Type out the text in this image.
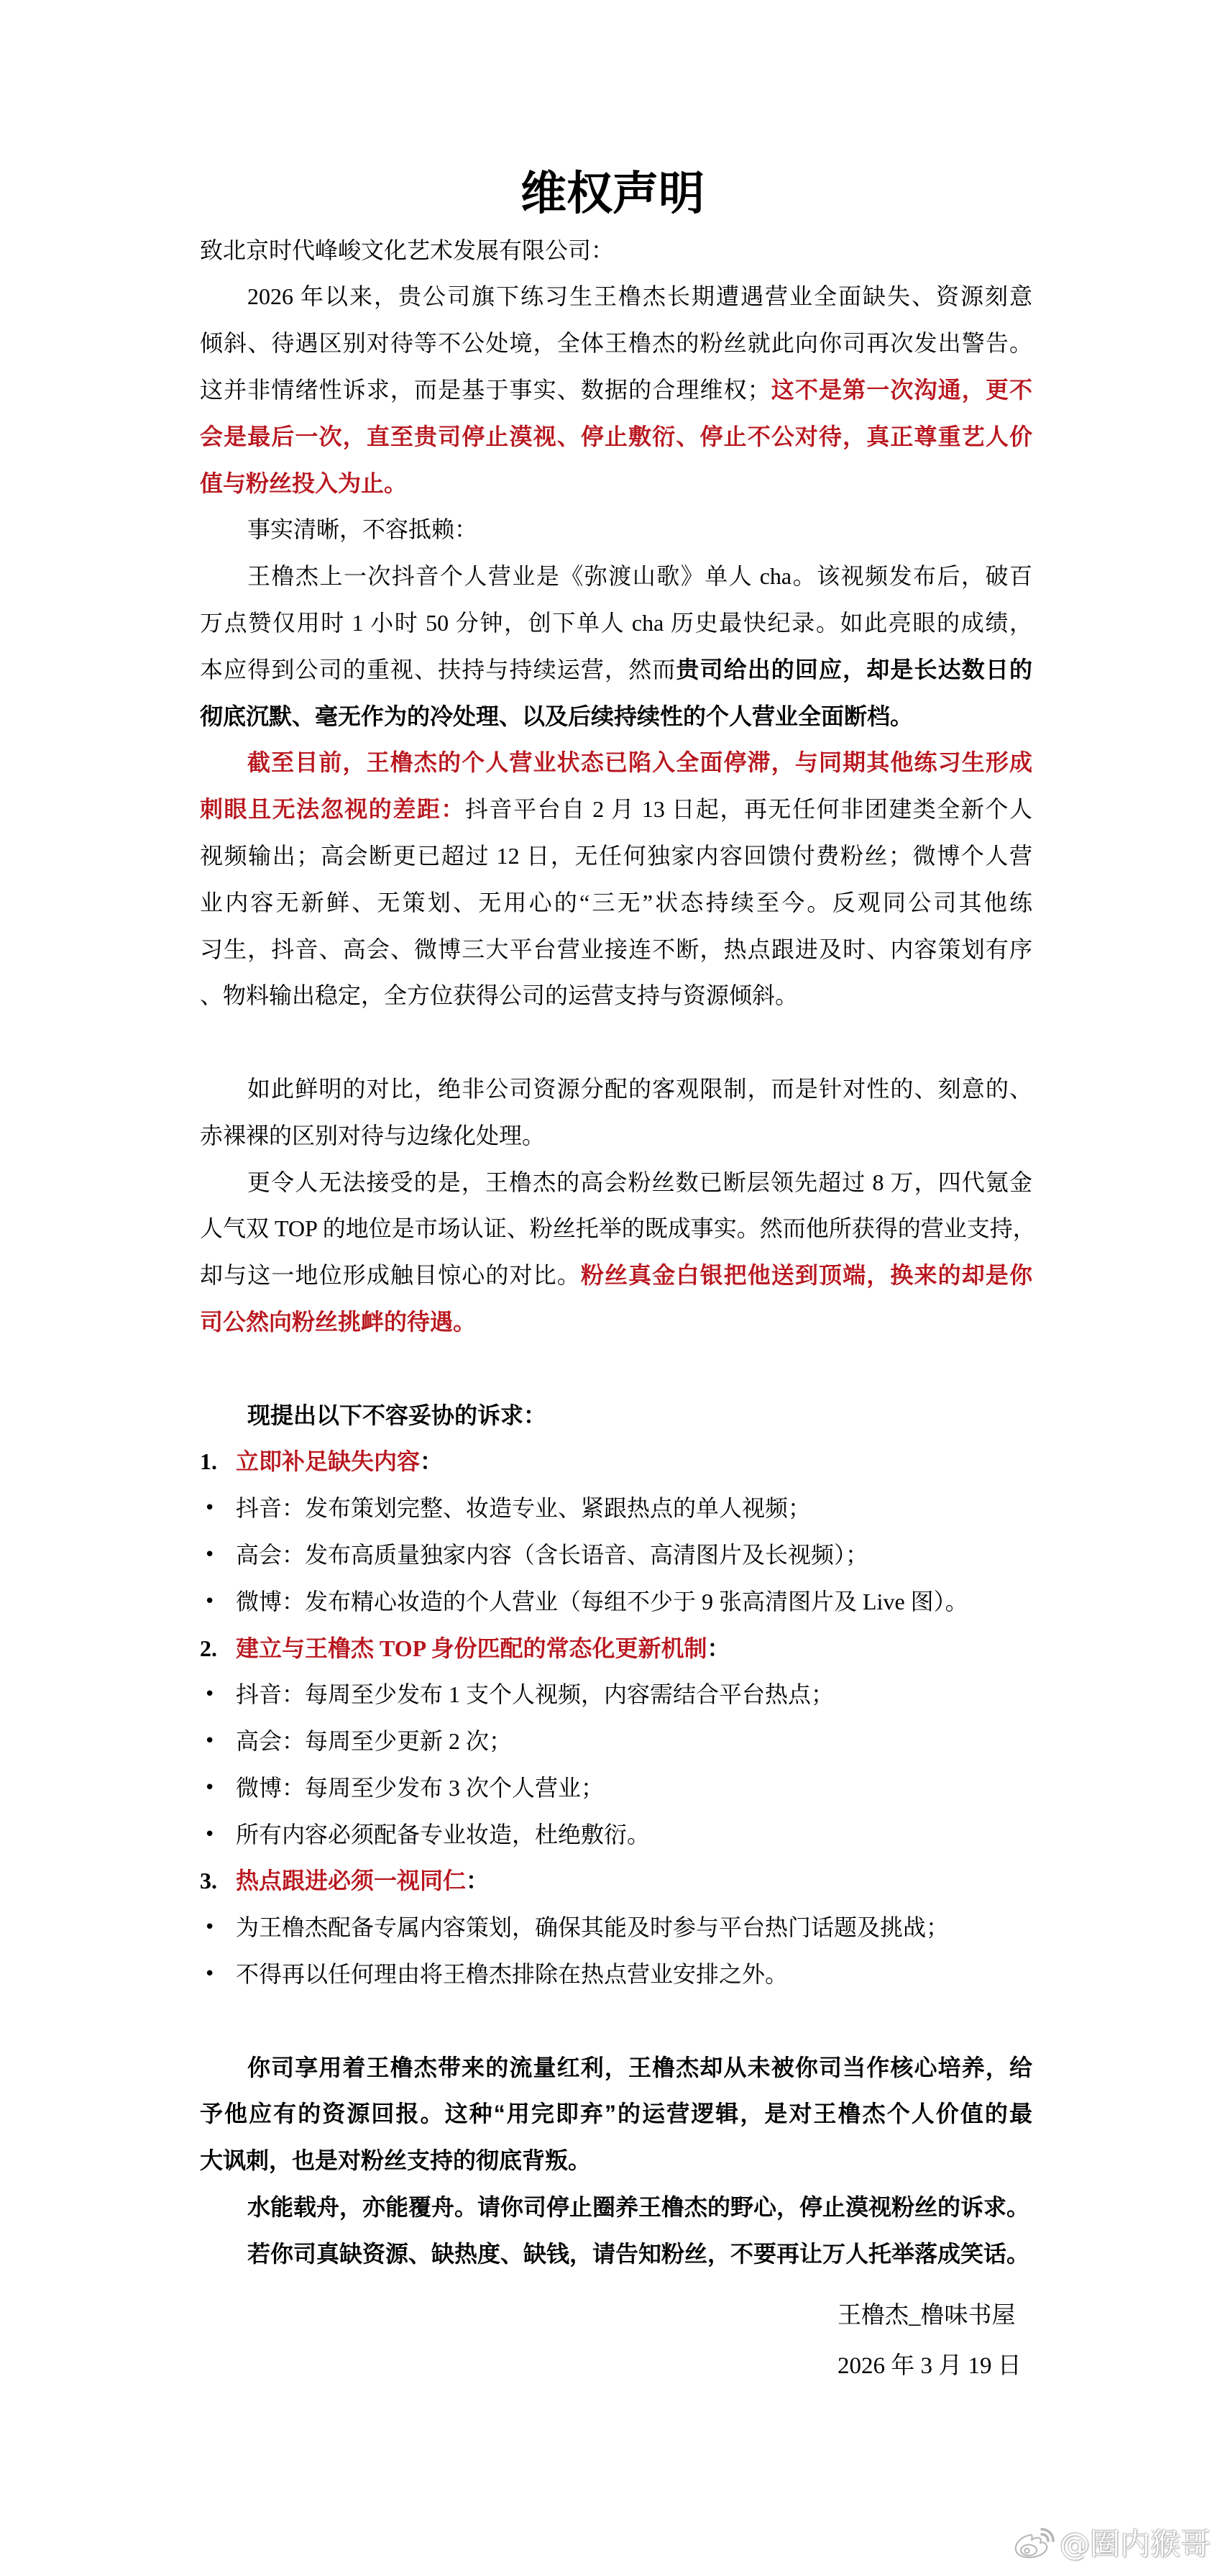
维权声明
致北京时代峰峻文化艺术发展有限公司：
2026 年以来，贵公司旗下练习生王橹杰长期遭遇营业全面缺失、资源刻意
倾斜、待遇区别对待等不公处境，全体王橹杰的粉丝就此向你司再次发出警告。
这并非情绪性诉求，而是基于事实、数据的合理维权；这不是第一次沟通，更不
会是最后一次，直至贵司停止漠视、停止敷衍、停止不公对待，真正尊重艺人价
值与粉丝投入为止。
事实清晰，不容抵赖：
王橹杰上一次抖音个人营业是《弥渡山歌》单人 cha。该视频发布后，破百
万点赞仅用时 1 小时 50 分钟，创下单人 cha 历史最快纪录。如此亮眼的成绩，
本应得到公司的重视、扶持与持续运营，然而贵司给出的回应，却是长达数日的
彻底沉默、毫无作为的冷处理、以及后续持续性的个人营业全面断档。
截至目前，王橹杰的个人营业状态已陷入全面停滞，与同期其他练习生形成
刺眼且无法忽视的差距：抖音平台自 2 月 13 日起，再无任何非团建类全新个人
视频输出；高会断更已超过 12 日，无任何独家内容回馈付费粉丝；微博个人营
业内容无新鲜、无策划、无用心的“三无”状态持续至今。反观同公司其他练
习生，抖音、高会、微博三大平台营业接连不断，热点跟进及时、内容策划有序
、物料输出稳定，全方位获得公司的运营支持与资源倾斜。
如此鲜明的对比，绝非公司资源分配的客观限制，而是针对性的、刻意的、
赤裸裸的区别对待与边缘化处理。
更令人无法接受的是，王橹杰的高会粉丝数已断层领先超过 8 万，四代氪金
人气双 TOP 的地位是市场认证、粉丝托举的既成事实。然而他所获得的营业支持，
却与这一地位形成触目惊心的对比。粉丝真金白银把他送到顶端，换来的却是你
司公然向粉丝挑衅的待遇。
现提出以下不容妥协的诉求：
1. 立即补足缺失内容：
• 抖音：发布策划完整、妆造专业、紧跟热点的单人视频；
• 高会：发布高质量独家内容（含长语音、高清图片及长视频）；
• 微博：发布精心妆造的个人营业（每组不少于 9 张高清图片及 Live 图）。
2. 建立与王橹杰 TOP 身份匹配的常态化更新机制：
• 抖音：每周至少发布 1 支个人视频，内容需结合平台热点；
• 高会：每周至少更新 2 次；
• 微博：每周至少发布 3 次个人营业；
• 所有内容必须配备专业妆造，杜绝敷衍。
3. 热点跟进必须一视同仁：
• 为王橹杰配备专属内容策划，确保其能及时参与平台热门话题及挑战；
• 不得再以任何理由将王橹杰排除在热点营业安排之外。
你司享用着王橹杰带来的流量红利，王橹杰却从未被你司当作核心培养，给
予他应有的资源回报。这种“用完即弃”的运营逻辑，是对王橹杰个人价值的最
大讽刺，也是对粉丝支持的彻底背叛。
水能载舟，亦能覆舟。请你司停止圈养王橹杰的野心，停止漠视粉丝的诉求。
若你司真缺资源、缺热度、缺钱，请告知粉丝，不要再让万人托举落成笑话。
王橹杰_橹味书屋
2026 年 3 月 19 日
@圈内猴哥
